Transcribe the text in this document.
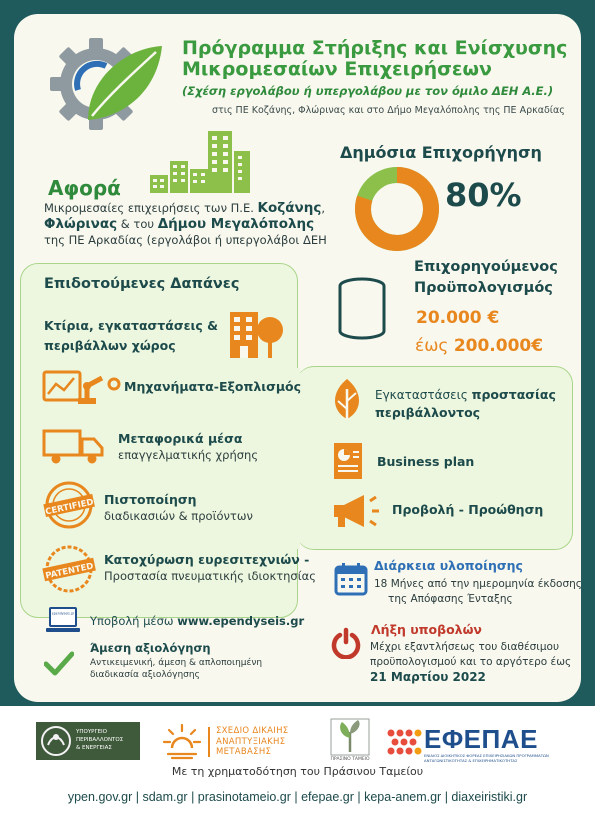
Πρόγραμμα Στήριξης και Ενίσχυσης
Μικρομεσαίων Επιχειρήσεων
(Σχέση εργολάβου ή υπεργολάβου με τον όμιλο ΔΕΗ Α.Ε.)
στις ΠΕ Κοζάνης, Φλώρινας και στο Δήμο Μεγαλόπολης της ΠΕ Αρκαδίας
Αφορά
Μικρομεσαίες επιχειρήσεις των Π.Ε. Κοζάνης,
Φλώρινας & του Δήμου Μεγαλόπολης
της ΠΕ Αρκαδίας (εργολάβοι ή υπεργολάβοι ΔΕΗ
Δημόσια Επιχορήγηση
80%
Επιχορηγούμενος
Προϋπολογισμός
20.000 €
έως 200.000€
Επιδοτούμενες Δαπάνες
Κτίρια, εγκαταστάσεις &
περιβάλλων χώρος
Μηχανήματα-Εξοπλισμός
Μεταφορικά μέσα
επαγγελματικής χρήσης
CERTIFIED Πιστοποίηση
διαδικασιών & προϊόντων
PATENTED
Κατοχύρωση ευρεσιτεχνιών -
Προστασία πνευματικής ιδιοκτησίας
Εγκαταστάσεις προστασίας
περιβάλλοντος
Business plan
Προβολή - Προώθηση
Διάρκεια υλοποίησης
18 Μήνες από την ημερομηνία έκδοσης
της Απόφασης Ένταξης
Λήξη υποβολών
Μέχρι εξαντλήσεως του διαθέσιμου
προϋπολογισμού και το αργότερο έως
21 Μαρτίου 2022
ependyseis.gr
Υποβολή μέσω www.ependyseis.gr
Άμεση αξιολόγηση
Αντικειμενική, άμεση & απλοποιημένη
διαδικασία αξιολόγησης
ΥΠΟΥΡΓΕΙΟ
ΠΕΡΙΒΑΛΛΟΝΤΟΣ
& ΕΝΕΡΓΕΙΑΣ
ΣΧΕΔΙΟ ΔΙΚΑΙΗΣ
ΑΝΑΠΤΥΞΙΑΚΗΣ
ΜΕΤΑΒΑΣΗΣ
ΠΡΑΣΙΝΟ ΤΑΜΕΙΟ
ΕΦΕΠΑΕ
ΕΝΙΑΙΟΣ ΔΙΟΙΚΗΤΙΚΟΣ ΦΟΡΕΑΣ ΕΠΙΧΕΙΡΗΣΙΑΚΩΝ ΠΡΟΓΡΑΜΜΑΤΩΝ
ΑΝΤΑΓΩΝΙΣΤΙΚΟΤΗΤΑΣ & ΕΠΙΧΕΙΡΗΜΑΤΙΚΟΤΗΤΑΣ
Με τη χρηματοδότηση του Πράσινου Ταμείου
ypen.gov.gr | sdam.gr | prasinotameio.gr | efepae.gr | kepa-anem.gr | diaxeiristiki.gr
